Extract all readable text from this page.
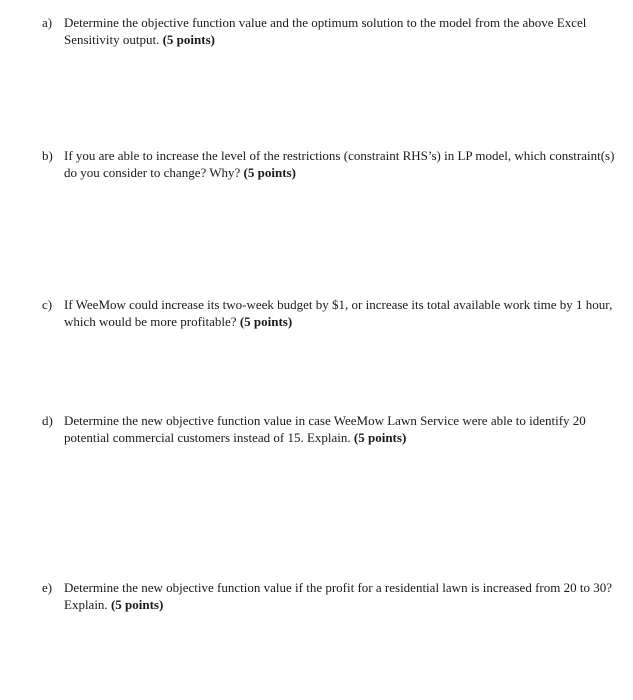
a) Determine the objective function value and the optimum solution to the model from the above Excel Sensitivity output. (5 points)
b) If you are able to increase the level of the restrictions (constraint RHS’s) in LP model, which constraint(s) do you consider to change? Why? (5 points)
c) If WeeMow could increase its two-week budget by $1, or increase its total available work time by 1 hour, which would be more profitable? (5 points)
d) Determine the new objective function value in case WeeMow Lawn Service were able to identify 20 potential commercial customers instead of 15. Explain. (5 points)
e) Determine the new objective function value if the profit for a residential lawn is increased from 20 to 30? Explain. (5 points)
